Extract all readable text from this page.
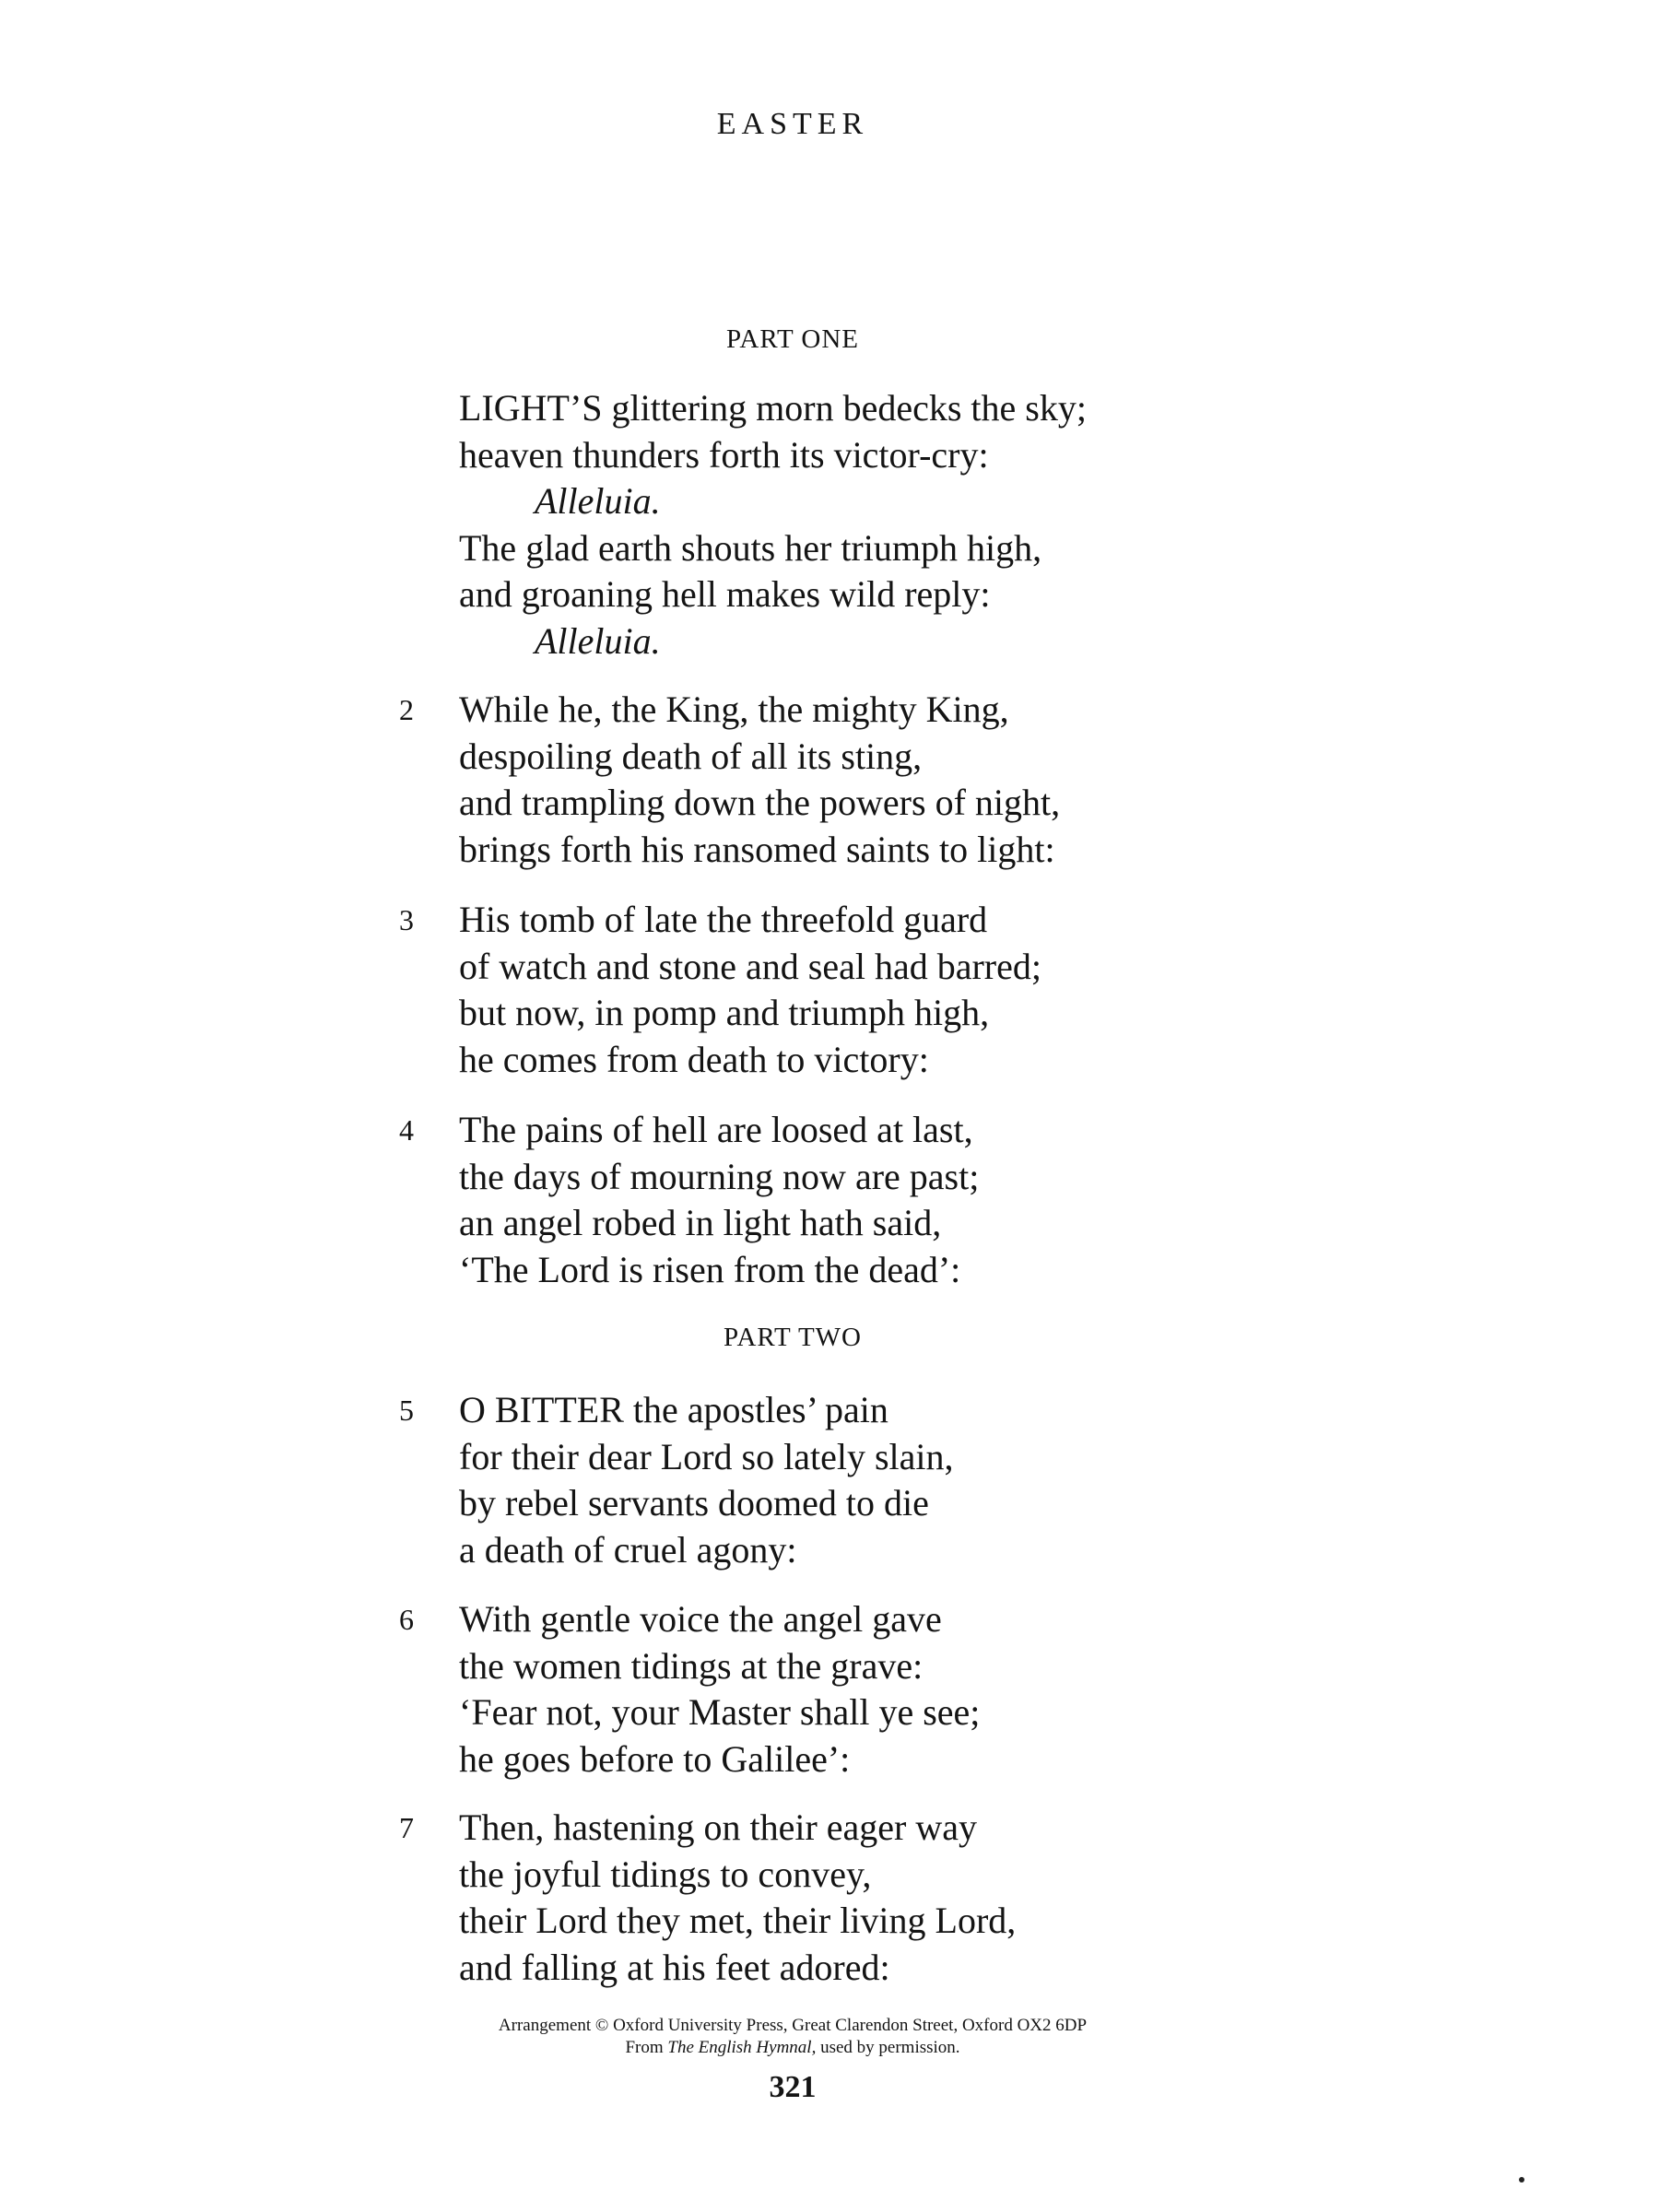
EASTER
PART ONE
LIGHT’S glittering morn bedecks the sky;
heaven thunders forth its victor-cry:
Alleluia.
The glad earth shouts her triumph high,
and groaning hell makes wild reply:
Alleluia.
2 While he, the King, the mighty King,
despoiling death of all its sting,
and trampling down the powers of night,
brings forth his ransomed saints to light:
3 His tomb of late the threefold guard
of watch and stone and seal had barred;
but now, in pomp and triumph high,
he comes from death to victory:
4 The pains of hell are loosed at last,
the days of mourning now are past;
an angel robed in light hath said,
‘The Lord is risen from the dead’:
PART TWO
5 O BITTER the apostles’ pain
for their dear Lord so lately slain,
by rebel servants doomed to die
a death of cruel agony:
6 With gentle voice the angel gave
the women tidings at the grave:
‘Fear not, your Master shall ye see;
he goes before to Galilee’:
7 Then, hastening on their eager way
the joyful tidings to convey,
their Lord they met, their living Lord,
and falling at his feet adored:
Arrangement © Oxford University Press, Great Clarendon Street, Oxford OX2 6DP
From The English Hymnal, used by permission.
321
